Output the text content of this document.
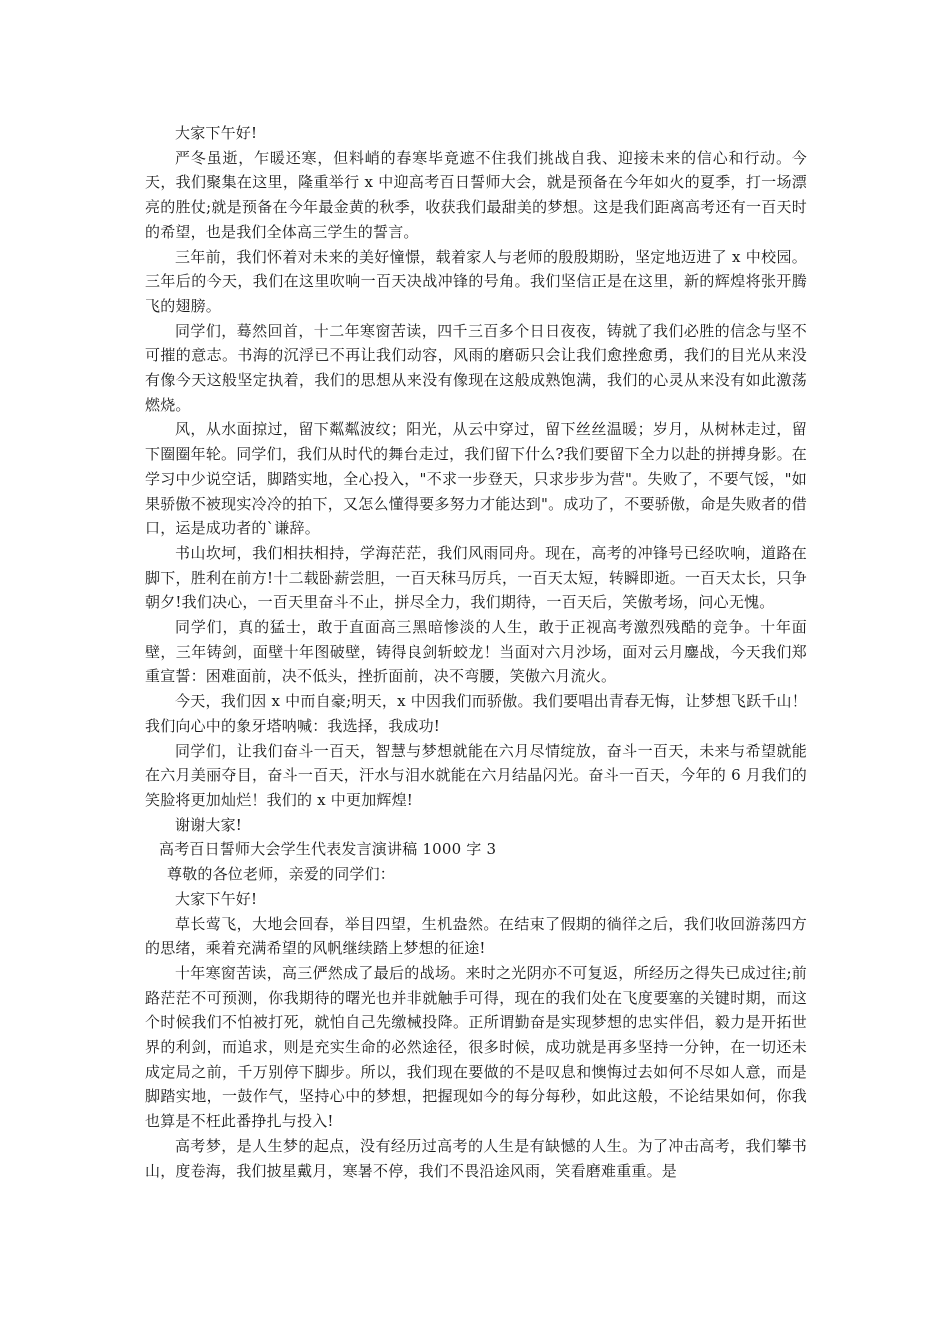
大家下午好!

严冬虽逝，乍暖还寒，但料峭的春寒毕竟遮不住我们挑战自我、迎接未来的信心和行动。今天，我们聚集在这里，隆重举行 x 中迎高考百日誓师大会，就是预备在今年如火的夏季，打一场漂亮的胜仗;就是预备在今年最金黄的秋季，收获我们最甜美的梦想。这是我们距离高考还有一百天时的希望，也是我们全体高三学生的誓言。

三年前，我们怀着对未来的美好憧憬，载着家人与老师的殷殷期盼，坚定地迈进了 x 中校园。三年后的今天，我们在这里吹响一百天决战冲锋的号角。我们坚信正是在这里，新的辉煌将张开腾飞的翅膀。

同学们，蓦然回首，十二年寒窗苦读，四千三百多个日日夜夜，铸就了我们必胜的信念与坚不可摧的意志。书海的沉浮已不再让我们动容，风雨的磨砺只会让我们愈挫愈勇，我们的目光从来没有像今天这般坚定执着，我们的思想从来没有像现在这般成熟饱满，我们的心灵从来没有如此激荡燃烧。

风，从水面掠过，留下粼粼波纹；阳光，从云中穿过，留下丝丝温暖；岁月，从树林走过，留下圈圈年轮。同学们，我们从时代的舞台走过，我们留下什么?我们要留下全力以赴的拼搏身影。在学习中少说空话，脚踏实地，全心投入，"不求一步登天，只求步步为营"。失败了，不要气馁，"如果骄傲不被现实冷冷的拍下，又怎么懂得要多努力才能达到"。成功了，不要骄傲，命是失败者的借口，运是成功者的`谦辞。

书山坎坷，我们相扶相持，学海茫茫，我们风雨同舟。现在，高考的冲锋号已经吹响，道路在脚下，胜利在前方!十二载卧薪尝胆，一百天秣马厉兵，一百天太短，转瞬即逝。一百天太长，只争朝夕!我们决心，一百天里奋斗不止，拼尽全力，我们期待，一百天后，笑傲考场，问心无愧。

同学们，真的猛士，敢于直面高三黑暗惨淡的人生，敢于正视高考激烈残酷的竞争。十年面壁，三年铸剑，面壁十年图破壁，铸得良剑斩蛟龙！当面对六月沙场，面对云月鏖战，今天我们郑重宣誓：困难面前，决不低头，挫折面前，决不弯腰，笑傲六月流火。

今天，我们因 x 中而自豪;明天，x 中因我们而骄傲。我们要唱出青春无悔，让梦想飞跃千山！我们向心中的象牙塔呐喊：我选择，我成功!

同学们，让我们奋斗一百天，智慧与梦想就能在六月尽情绽放，奋斗一百天，未来与希望就能在六月美丽夺目，奋斗一百天，汗水与泪水就能在六月结晶闪光。奋斗一百天，今年的 6 月我们的笑脸将更加灿烂！我们的 x 中更加辉煌!

谢谢大家!

高考百日誓师大会学生代表发言演讲稿 1000 字 3

尊敬的各位老师，亲爱的同学们：

大家下午好!

草长莺飞，大地会回春，举目四望，生机盎然。在结束了假期的徜徉之后，我们收回游荡四方的思绪，乘着充满希望的风帆继续踏上梦想的征途!

十年寒窗苦读，高三俨然成了最后的战场。来时之光阴亦不可复返，所经历之得失已成过往;前路茫茫不可预测，你我期待的曙光也并非就触手可得，现在的我们处在飞度要塞的关键时期，而这个时候我们不怕被打死，就怕自己先缴械投降。正所谓勤奋是实现梦想的忠实伴侣，毅力是开拓世界的利剑，而追求，则是充实生命的必然途径，很多时候，成功就是再多坚持一分钟，在一切还未成定局之前，千万别停下脚步。所以，我们现在要做的不是叹息和懊悔过去如何不尽如人意，而是脚踏实地，一鼓作气，坚持心中的梦想，把握现如今的每分每秒，如此这般，不论结果如何，你我也算是不枉此番挣扎与投入!

高考梦，是人生梦的起点，没有经历过高考的人生是有缺憾的人生。为了冲击高考，我们攀书山，度卷海，我们披星戴月，寒暑不停，我们不畏沿途风雨，笑看磨难重重。是
